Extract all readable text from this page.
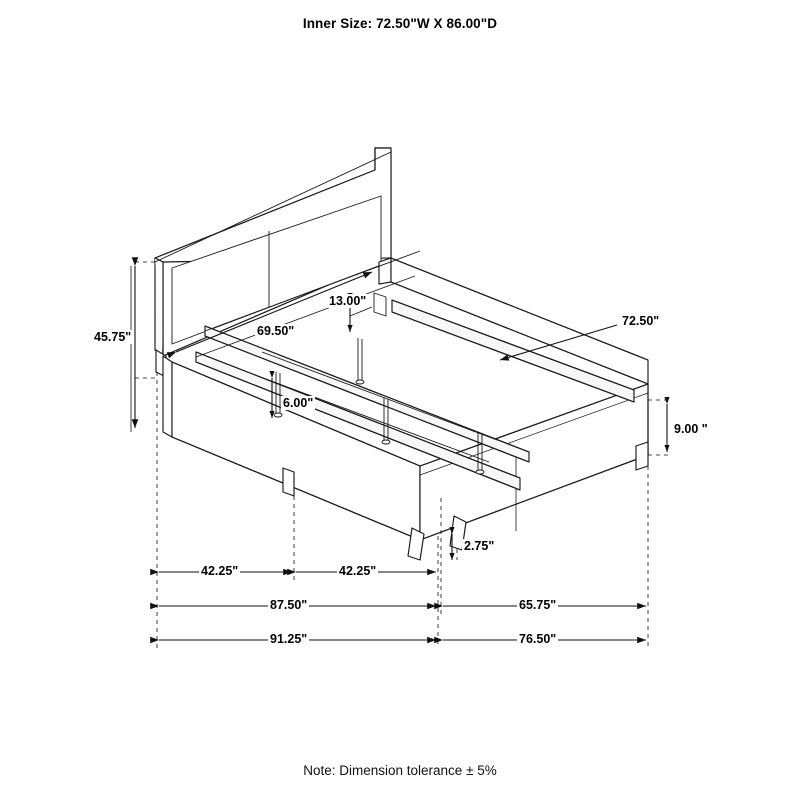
Inner Size: 72.50"W X 86.00"D
45.75"	69.50"
13.00"
6.00"
72.50"
9.00 "
2.75"
42.25"	42.25"
87.50"	65.75"
91.25"	76.50"
Note: Dimension tolerance ± 5%
